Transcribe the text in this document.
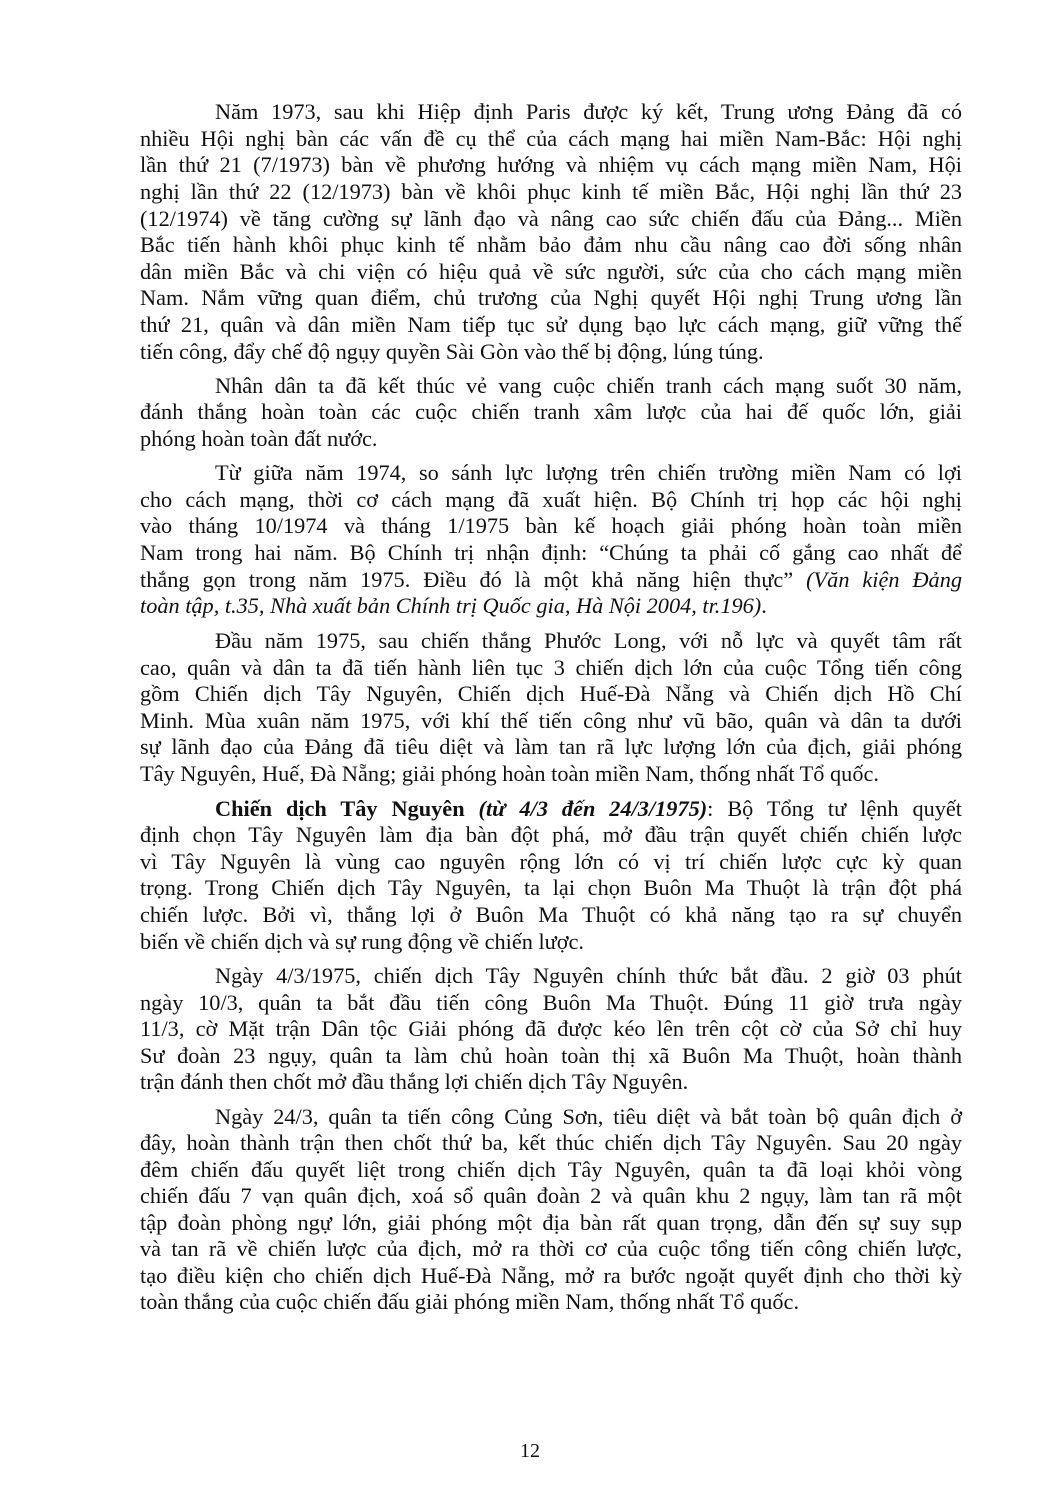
Năm 1973, sau khi Hiệp định Paris được ký kết, Trung ương Đảng đã có
nhiều Hội nghị bàn các vấn đề cụ thể của cách mạng hai miền Nam-Bắc: Hội nghị
lần thứ 21 (7/1973) bàn về phương hướng và nhiệm vụ cách mạng miền Nam, Hội
nghị lần thứ 22 (12/1973) bàn về khôi phục kinh tế miền Bắc, Hội nghị lần thứ 23
(12/1974) về tăng cường sự lãnh đạo và nâng cao sức chiến đấu của Đảng... Miền
Bắc tiến hành khôi phục kinh tế nhằm bảo đảm nhu cầu nâng cao đời sống nhân
dân miền Bắc và chi viện có hiệu quả về sức người, sức của cho cách mạng miền
Nam. Nắm vững quan điểm, chủ trương của Nghị quyết Hội nghị Trung ương lần
thứ 21, quân và dân miền Nam tiếp tục sử dụng bạo lực cách mạng, giữ vững thế
tiến công, đẩy chế độ ngụy quyền Sài Gòn vào thế bị động, lúng túng.
Nhân dân ta đã kết thúc vẻ vang cuộc chiến tranh cách mạng suốt 30 năm,
đánh thắng hoàn toàn các cuộc chiến tranh xâm lược của hai đế quốc lớn, giải
phóng hoàn toàn đất nước.
Từ giữa năm 1974, so sánh lực lượng trên chiến trường miền Nam có lợi
cho cách mạng, thời cơ cách mạng đã xuất hiện. Bộ Chính trị họp các hội nghị
vào tháng 10/1974 và tháng 1/1975 bàn kế hoạch giải phóng hoàn toàn miền
Nam trong hai năm. Bộ Chính trị nhận định: “Chúng ta phải cố gắng cao nhất để
thắng gọn trong năm 1975. Điều đó là một khả năng hiện thực” (Văn kiện Đảng
toàn tập, t.35, Nhà xuất bản Chính trị Quốc gia, Hà Nội 2004, tr.196).
Đầu năm 1975, sau chiến thắng Phước Long, với nỗ lực và quyết tâm rất
cao, quân và dân ta đã tiến hành liên tục 3 chiến dịch lớn của cuộc Tổng tiến công
gồm Chiến dịch Tây Nguyên, Chiến dịch Huế-Đà Nẵng và Chiến dịch Hồ Chí
Minh. Mùa xuân năm 1975, với khí thế tiến công như vũ bão, quân và dân ta dưới
sự lãnh đạo của Đảng đã tiêu diệt và làm tan rã lực lượng lớn của địch, giải phóng
Tây Nguyên, Huế, Đà Nẵng; giải phóng hoàn toàn miền Nam, thống nhất Tổ quốc.
Chiến dịch Tây Nguyên (từ 4/3 đến 24/3/1975): Bộ Tổng tư lệnh quyết
định chọn Tây Nguyên làm địa bàn đột phá, mở đầu trận quyết chiến chiến lược
vì Tây Nguyên là vùng cao nguyên rộng lớn có vị trí chiến lược cực kỳ quan
trọng. Trong Chiến dịch Tây Nguyên, ta lại chọn Buôn Ma Thuột là trận đột phá
chiến lược. Bởi vì, thắng lợi ở Buôn Ma Thuột có khả năng tạo ra sự chuyển
biến về chiến dịch và sự rung động về chiến lược.
Ngày 4/3/1975, chiến dịch Tây Nguyên chính thức bắt đầu. 2 giờ 03 phút
ngày 10/3, quân ta bắt đầu tiến công Buôn Ma Thuột. Đúng 11 giờ trưa ngày
11/3, cờ Mặt trận Dân tộc Giải phóng đã được kéo lên trên cột cờ của Sở chỉ huy
Sư đoàn 23 ngụy, quân ta làm chủ hoàn toàn thị xã Buôn Ma Thuột, hoàn thành
trận đánh then chốt mở đầu thắng lợi chiến dịch Tây Nguyên.
Ngày 24/3, quân ta tiến công Củng Sơn, tiêu diệt và bắt toàn bộ quân địch ở
đây, hoàn thành trận then chốt thứ ba, kết thúc chiến dịch Tây Nguyên. Sau 20 ngày
đêm chiến đấu quyết liệt trong chiến dịch Tây Nguyên, quân ta đã loại khỏi vòng
chiến đấu 7 vạn quân địch, xoá sổ quân đoàn 2 và quân khu 2 ngụy, làm tan rã một
tập đoàn phòng ngự lớn, giải phóng một địa bàn rất quan trọng, dẫn đến sự suy sụp
và tan rã về chiến lược của địch, mở ra thời cơ của cuộc tổng tiến công chiến lược,
tạo điều kiện cho chiến dịch Huế-Đà Nẵng, mở ra bước ngoặt quyết định cho thời kỳ
toàn thắng của cuộc chiến đấu giải phóng miền Nam, thống nhất Tổ quốc.
12
